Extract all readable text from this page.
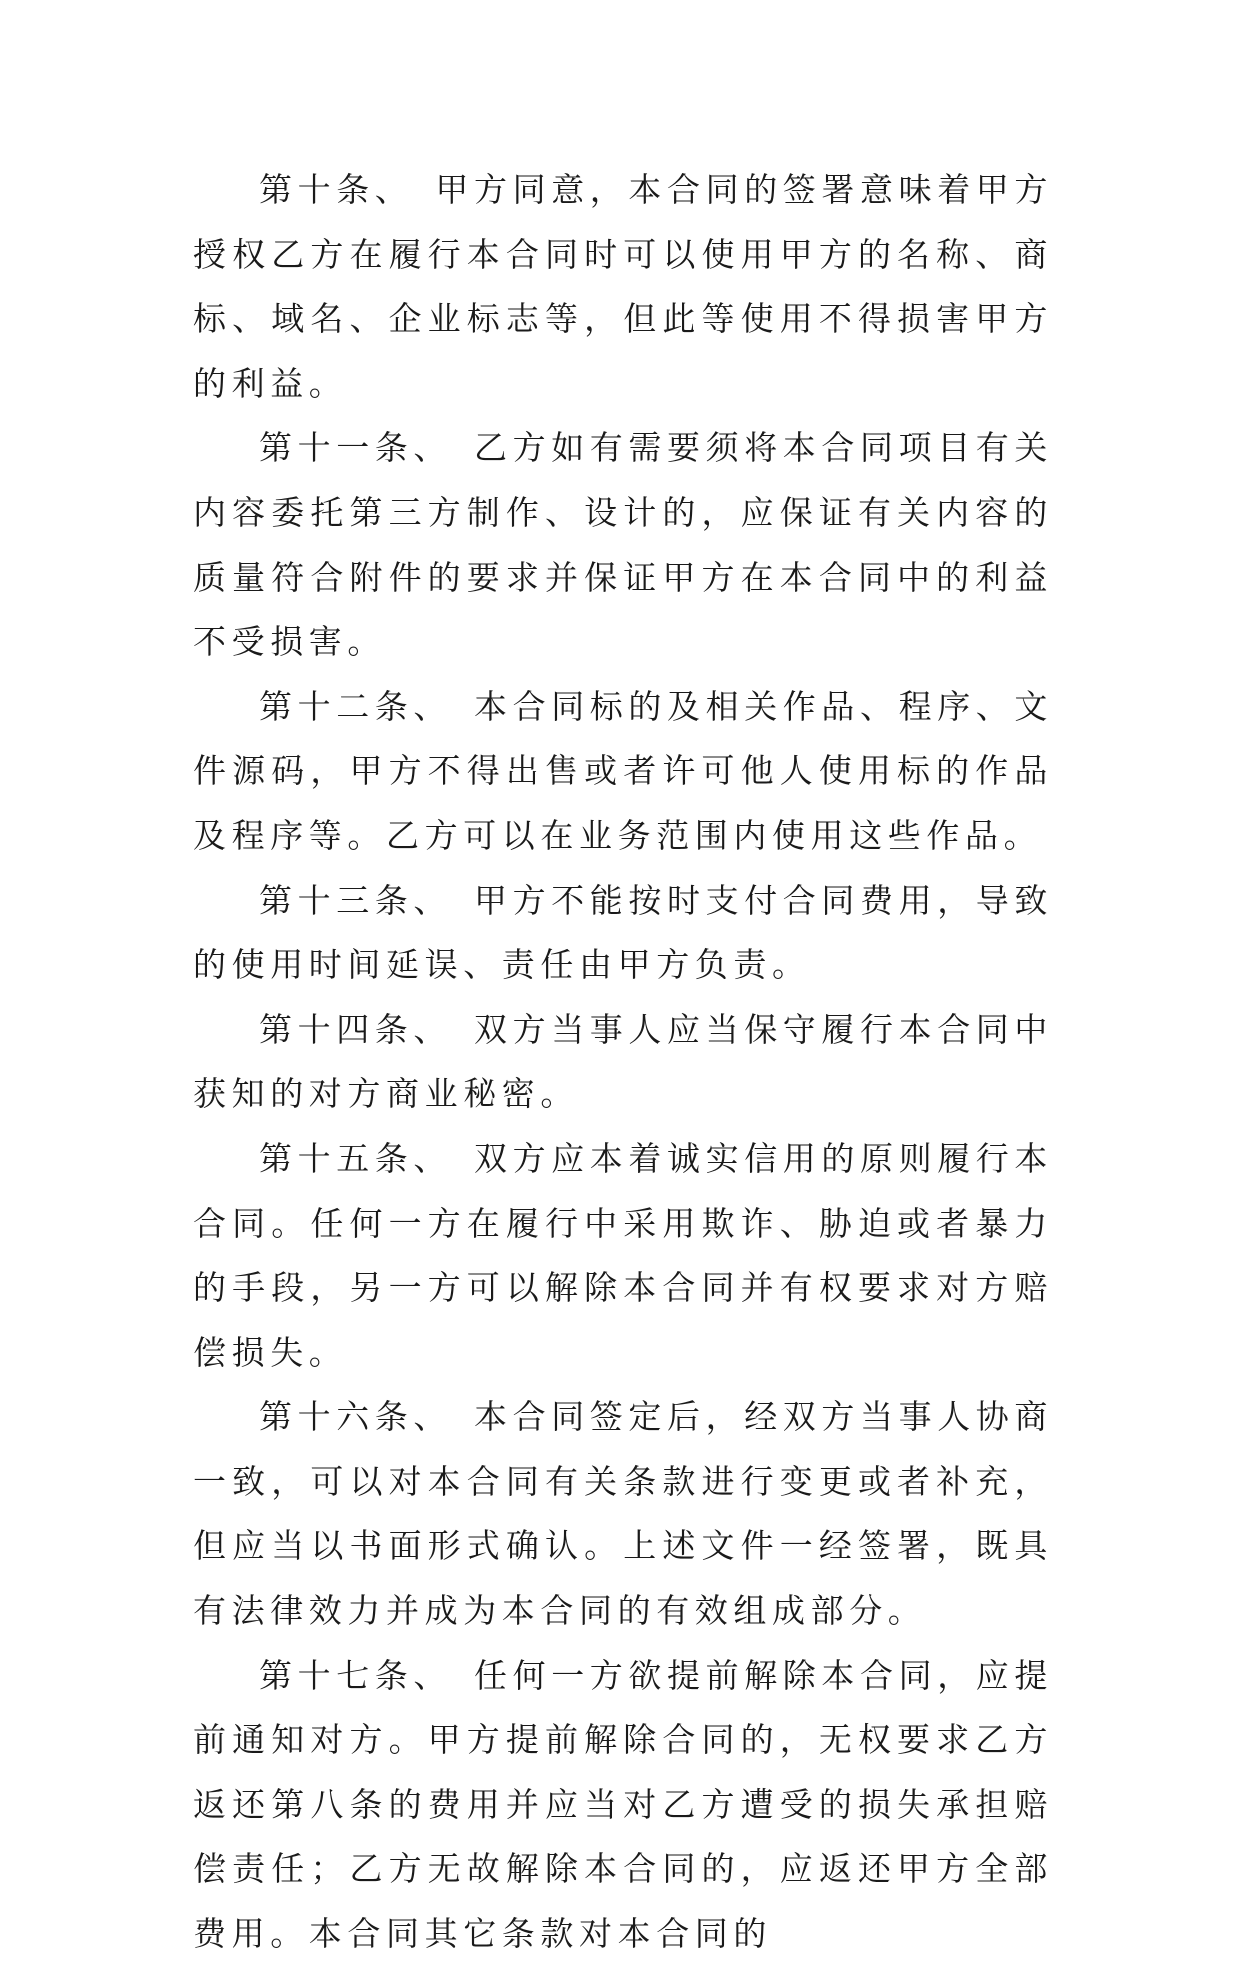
第十条、 甲方同意，本合同的签署意味着甲方授权乙方在履行本合同时可以使用甲方的名称、商标、域名、企业标志等，但此等使用不得损害甲方的利益。

第十一条、 乙方如有需要须将本合同项目有关内容委托第三方制作、设计的，应保证有关内容的质量符合附件的要求并保证甲方在本合同中的利益不受损害。

第十二条、 本合同标的及相关作品、程序、文件源码，甲方不得出售或者许可他人使用标的作品及程序等。乙方可以在业务范围内使用这些作品。

第十三条、 甲方不能按时支付合同费用，导致的使用时间延误、责任由甲方负责。

第十四条、 双方当事人应当保守履行本合同中获知的对方商业秘密。

第十五条、 双方应本着诚实信用的原则履行本合同。任何一方在履行中采用欺诈、胁迫或者暴力的手段，另一方可以解除本合同并有权要求对方赔偿损失。

第十六条、 本合同签定后，经双方当事人协商一致，可以对本合同有关条款进行变更或者补充，但应当以书面形式确认。上述文件一经签署，既具有法律效力并成为本合同的有效组成部分。

第十七条、 任何一方欲提前解除本合同，应提前通知对方。甲方提前解除合同的，无权要求乙方返还第八条的费用并应当对乙方遭受的损失承担赔偿责任；乙方无故解除本合同的，应返还甲方全部费用。本合同其它条款对本合同的
